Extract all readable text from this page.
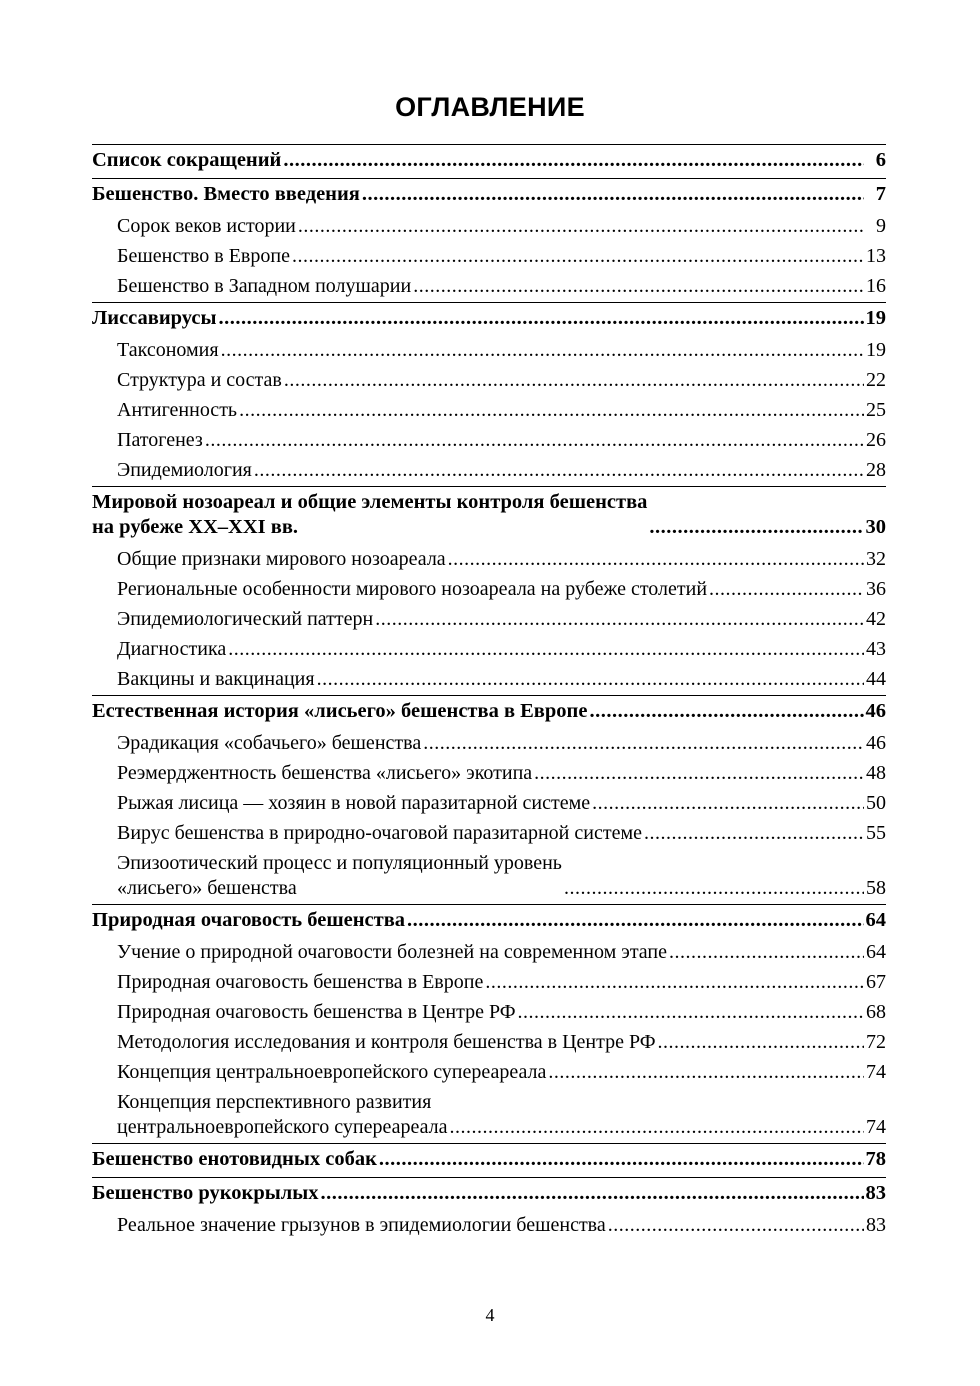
ОГЛАВЛЕНИЕ
Список сокращений .....	6
Бешенство. Вместо введения .....	7
Сорок веков истории .....	9
Бешенство в Европе .....	13
Бешенство в Западном полушарии .....	16
Лиссавирусы .....	19
Таксономия .....	19
Структура и состав .....	22
Антигенность .....	25
Патогенез .....	26
Эпидемиология .....	28
Мировой нозоареал и общие элементы контроля бешенства
на рубеже XX–XXI вв. .....	30
Общие признаки мирового нозоареала .....	32
Региональные особенности мирового нозоареала на рубеже столетий .....	36
Эпидемиологический паттерн .....	42
Диагностика .....	43
Вакцины и вакцинация .....	44
Естественная история «лисьего» бешенства в Европе .....	46
Эрадикация «собачьего» бешенства .....	46
Реэмерджентность бешенства «лисьего» экотипа .....	48
Рыжая лисица — хозяин в новой паразитарной системе .....	50
Вирус бешенства в природно-очаговой паразитарной системе .....	55
Эпизоотический процесс и популяционный уровень
«лисьего» бешенства .....	58
Природная очаговость бешенства .....	64
Учение о природной очаговости болезней на современном этапе .....	64
Природная очаговость бешенства в Европе .....	67
Природная очаговость бешенства в Центре РФ .....	68
Методология исследования и контроля бешенства в Центре РФ .....	72
Концепция центральноевропейского супереареала .....	74
Концепция перспективного развития
центральноевропейского супереареала .....	74
Бешенство енотовидных собак .....	78
Бешенство рукокрылых .....	83
Реальное значение грызунов в эпидемиологии бешенства .....	83
4
